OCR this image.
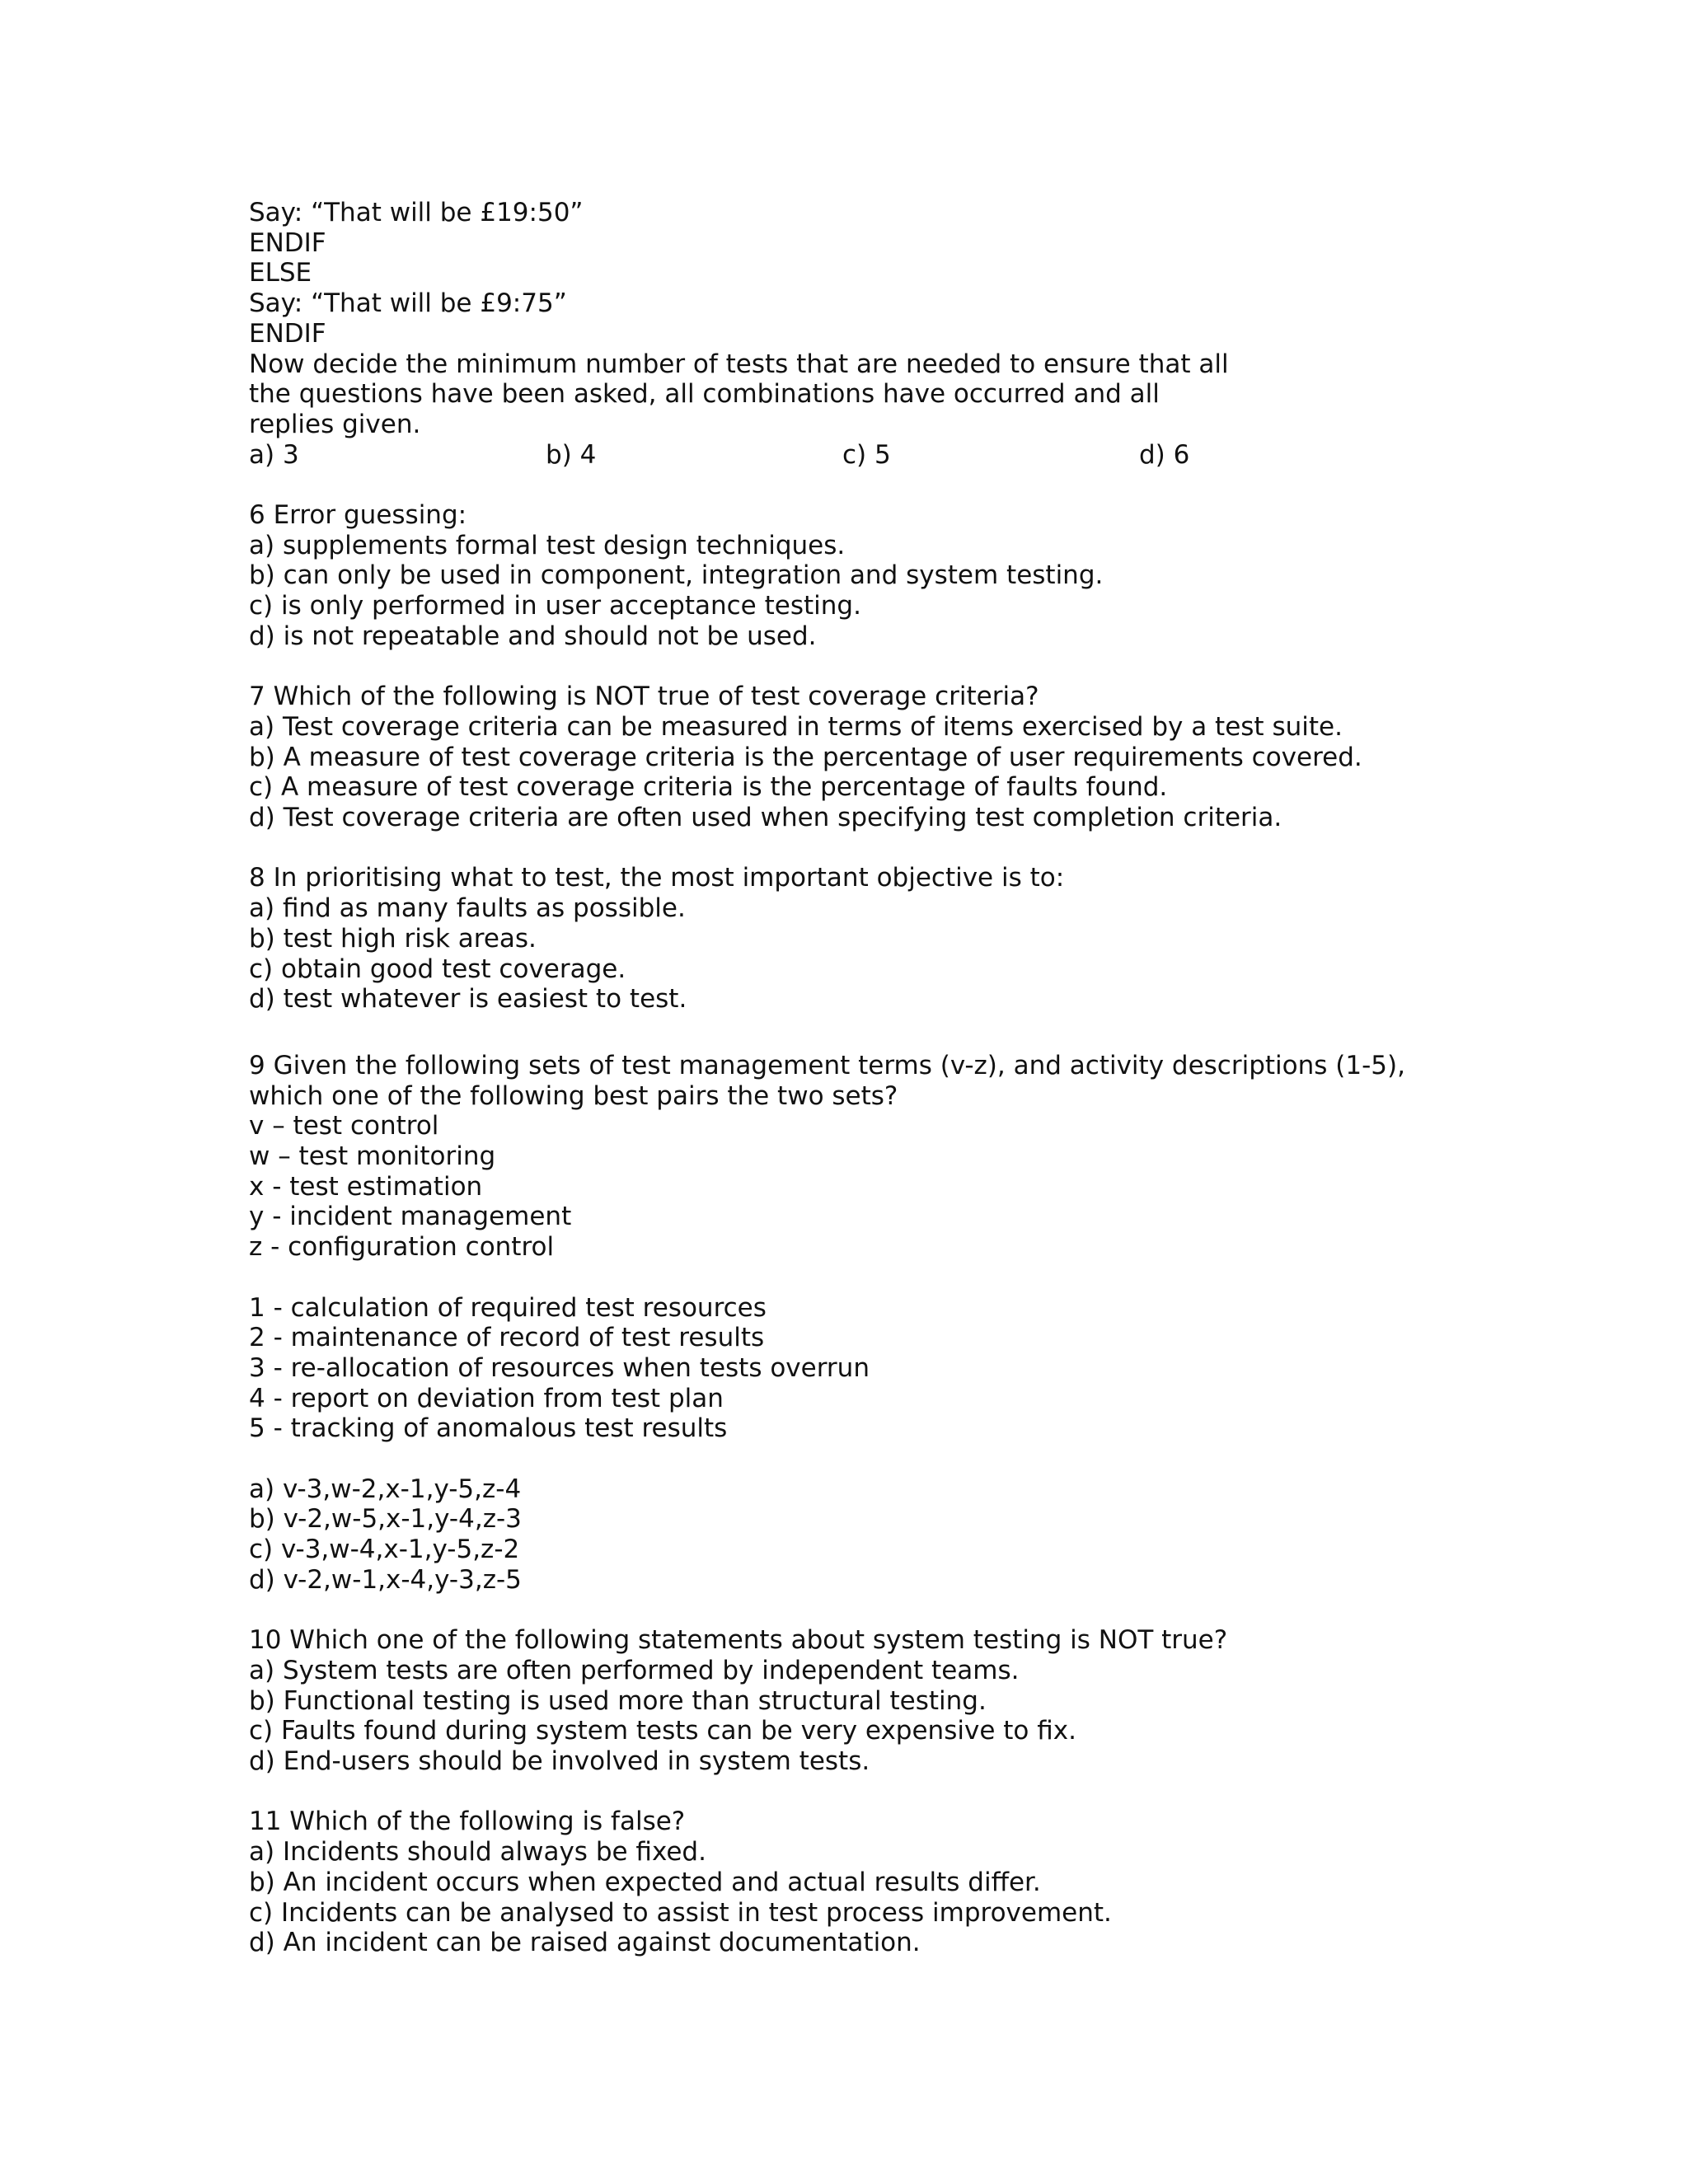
Say: “That will be £19:50”
ENDIF
ELSE
Say: “That will be £9:75”
ENDIF
Now decide the minimum number of tests that are needed to ensure that all
the questions have been asked, all combinations have occurred and all
replies given.
a) 3	b) 4	c) 5	d) 6
6 Error guessing:
a) supplements formal test design techniques.
b) can only be used in component, integration and system testing.
c) is only performed in user acceptance testing.
d) is not repeatable and should not be used.
7 Which of the following is NOT true of test coverage criteria?
a) Test coverage criteria can be measured in terms of items exercised by a test suite.
b) A measure of test coverage criteria is the percentage of user requirements covered.
c) A measure of test coverage criteria is the percentage of faults found.
d) Test coverage criteria are often used when specifying test completion criteria.
8 In prioritising what to test, the most important objective is to:
a) find as many faults as possible.
b) test high risk areas.
c) obtain good test coverage.
d) test whatever is easiest to test.
9 Given the following sets of test management terms (v-z), and activity descriptions (1-5),
which one of the following best pairs the two sets?
v – test control
w – test monitoring
x - test estimation
y - incident management
z - configuration control
1 - calculation of required test resources
2 - maintenance of record of test results
3 - re-allocation of resources when tests overrun
4 - report on deviation from test plan
5 - tracking of anomalous test results
a) v-3,w-2,x-1,y-5,z-4
b) v-2,w-5,x-1,y-4,z-3
c) v-3,w-4,x-1,y-5,z-2
d) v-2,w-1,x-4,y-3,z-5
10 Which one of the following statements about system testing is NOT true?
a) System tests are often performed by independent teams.
b) Functional testing is used more than structural testing.
c) Faults found during system tests can be very expensive to fix.
d) End-users should be involved in system tests.
11 Which of the following is false?
a) Incidents should always be fixed.
b) An incident occurs when expected and actual results differ.
c) Incidents can be analysed to assist in test process improvement.
d) An incident can be raised against documentation.
